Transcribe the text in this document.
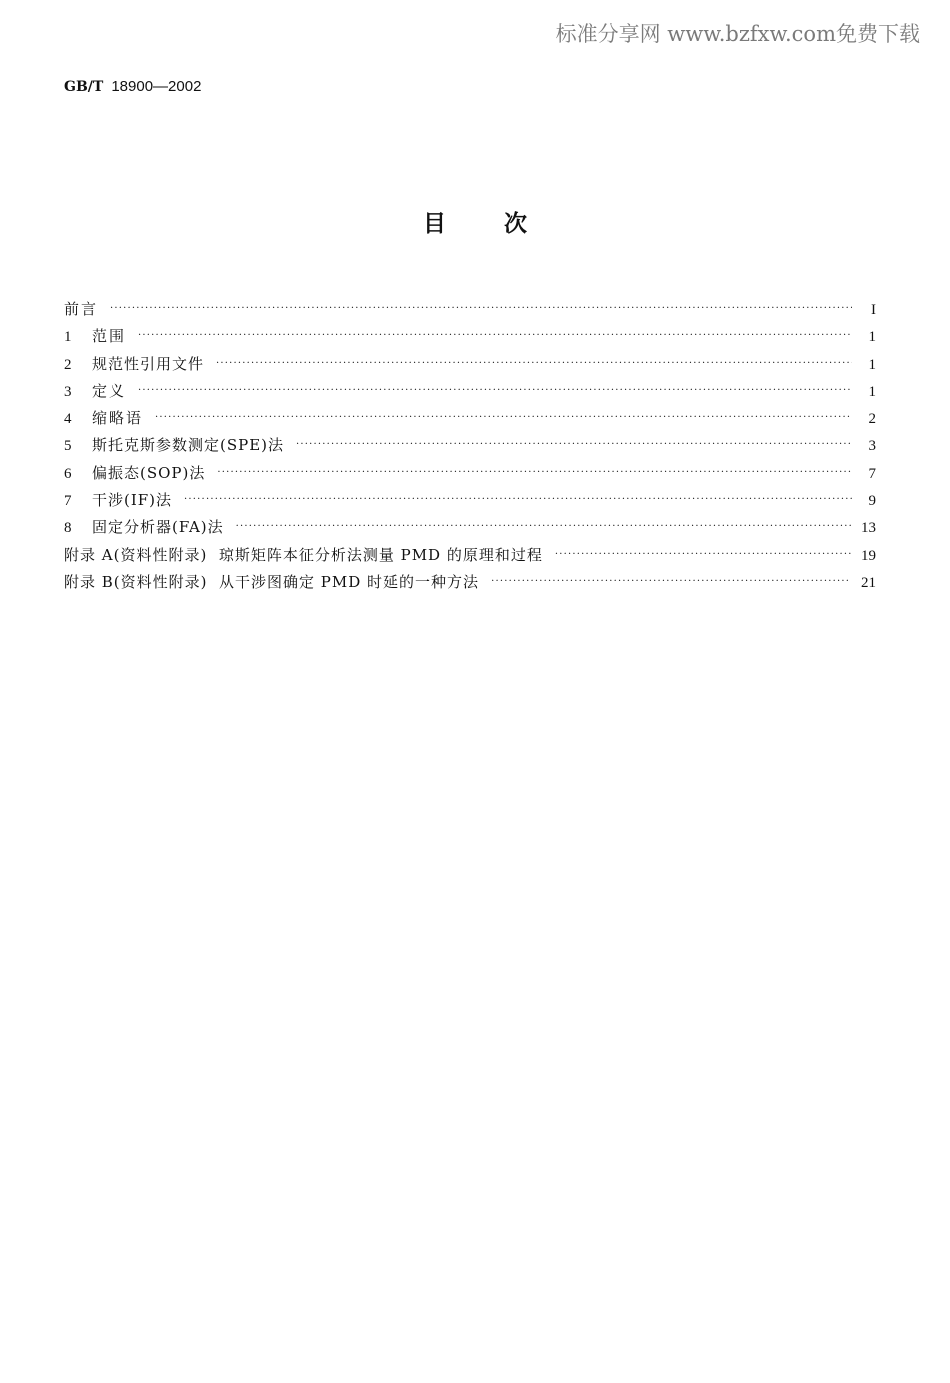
标准分享网 www.bzfxw.com免费下载
GB/T 18900—2002
目	次
前言 ·····	I
1	范围 ·····	1
2	规范性引用文件 ·····	1
3	定义 ·····	1
4	缩略语 ·····	2
5	斯托克斯参数测定(SPE)法 ·····	3
6	偏振态(SOP)法 ·····	7
7	干涉(IF)法 ·····	9
8	固定分析器(FA)法 ·····	13
附录 A(资料性附录)  琼斯矩阵本征分析法测量 PMD 的原理和过程 ·····	19
附录 B(资料性附录)  从干涉图确定 PMD 时延的一种方法 ·····	21
